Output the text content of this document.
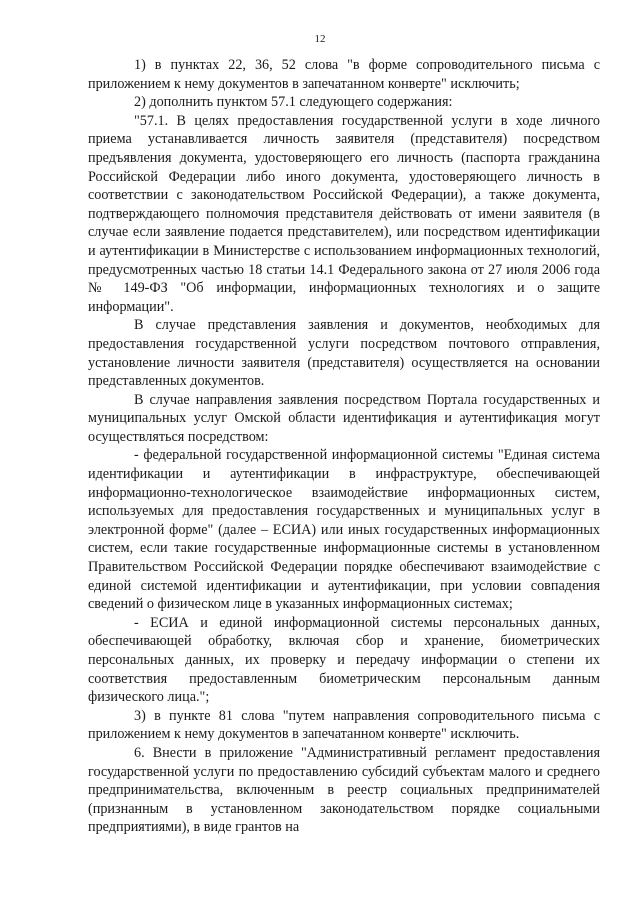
12

1) в пунктах 22, 36, 52 слова "в форме сопроводительного письма с приложением к нему документов в запечатанном конверте" исключить;

2) дополнить пунктом 57.1 следующего содержания:

"57.1. В целях предоставления государственной услуги в ходе личного приема устанавливается личность заявителя (представителя) посредством предъявления документа, удостоверяющего его личность (паспорта гражданина Российской Федерации либо иного документа, удостоверяющего личность в соответствии с законодательством Российской Федерации), а также документа, подтверждающего полномочия представителя действовать от имени заявителя (в случае если заявление подается представителем), или посредством идентификации и аутентификации в Министерстве с использованием информационных технологий, предусмотренных частью 18 статьи 14.1 Федерального закона от 27 июля 2006 года № 149-ФЗ "Об информации, информационных технологиях и о защите информации".

В случае представления заявления и документов, необходимых для предоставления государственной услуги посредством почтового отправления, установление личности заявителя (представителя) осуществляется на основании представленных документов.

В случае направления заявления посредством Портала государственных и муниципальных услуг Омской области идентификация и аутентификация могут осуществляться посредством:

- федеральной государственной информационной системы "Единая система идентификации и аутентификации в инфраструктуре, обеспечивающей информационно-технологическое взаимодействие информационных систем, используемых для предоставления государственных и муниципальных услуг в электронной форме" (далее – ЕСИА) или иных государственных информационных систем, если такие государственные информационные системы в установленном Правительством Российской Федерации порядке обеспечивают взаимодействие с единой системой идентификации и аутентификации, при условии совпадения сведений о физическом лице в указанных информационных системах;

- ЕСИА и единой информационной системы персональных данных, обеспечивающей обработку, включая сбор и хранение, биометрических персональных данных, их проверку и передачу информации о степени их соответствия предоставленным биометрическим персональным данным физического лица.";

3) в пункте 81 слова "путем направления сопроводительного письма с приложением к нему документов в запечатанном конверте" исключить.

6. Внести в приложение "Административный регламент предоставления государственной услуги по предоставлению субсидий субъектам малого и среднего предпринимательства, включенным в реестр социальных предпринимателей (признанным в установленном законодательством порядке социальными предприятиями), в виде грантов на
